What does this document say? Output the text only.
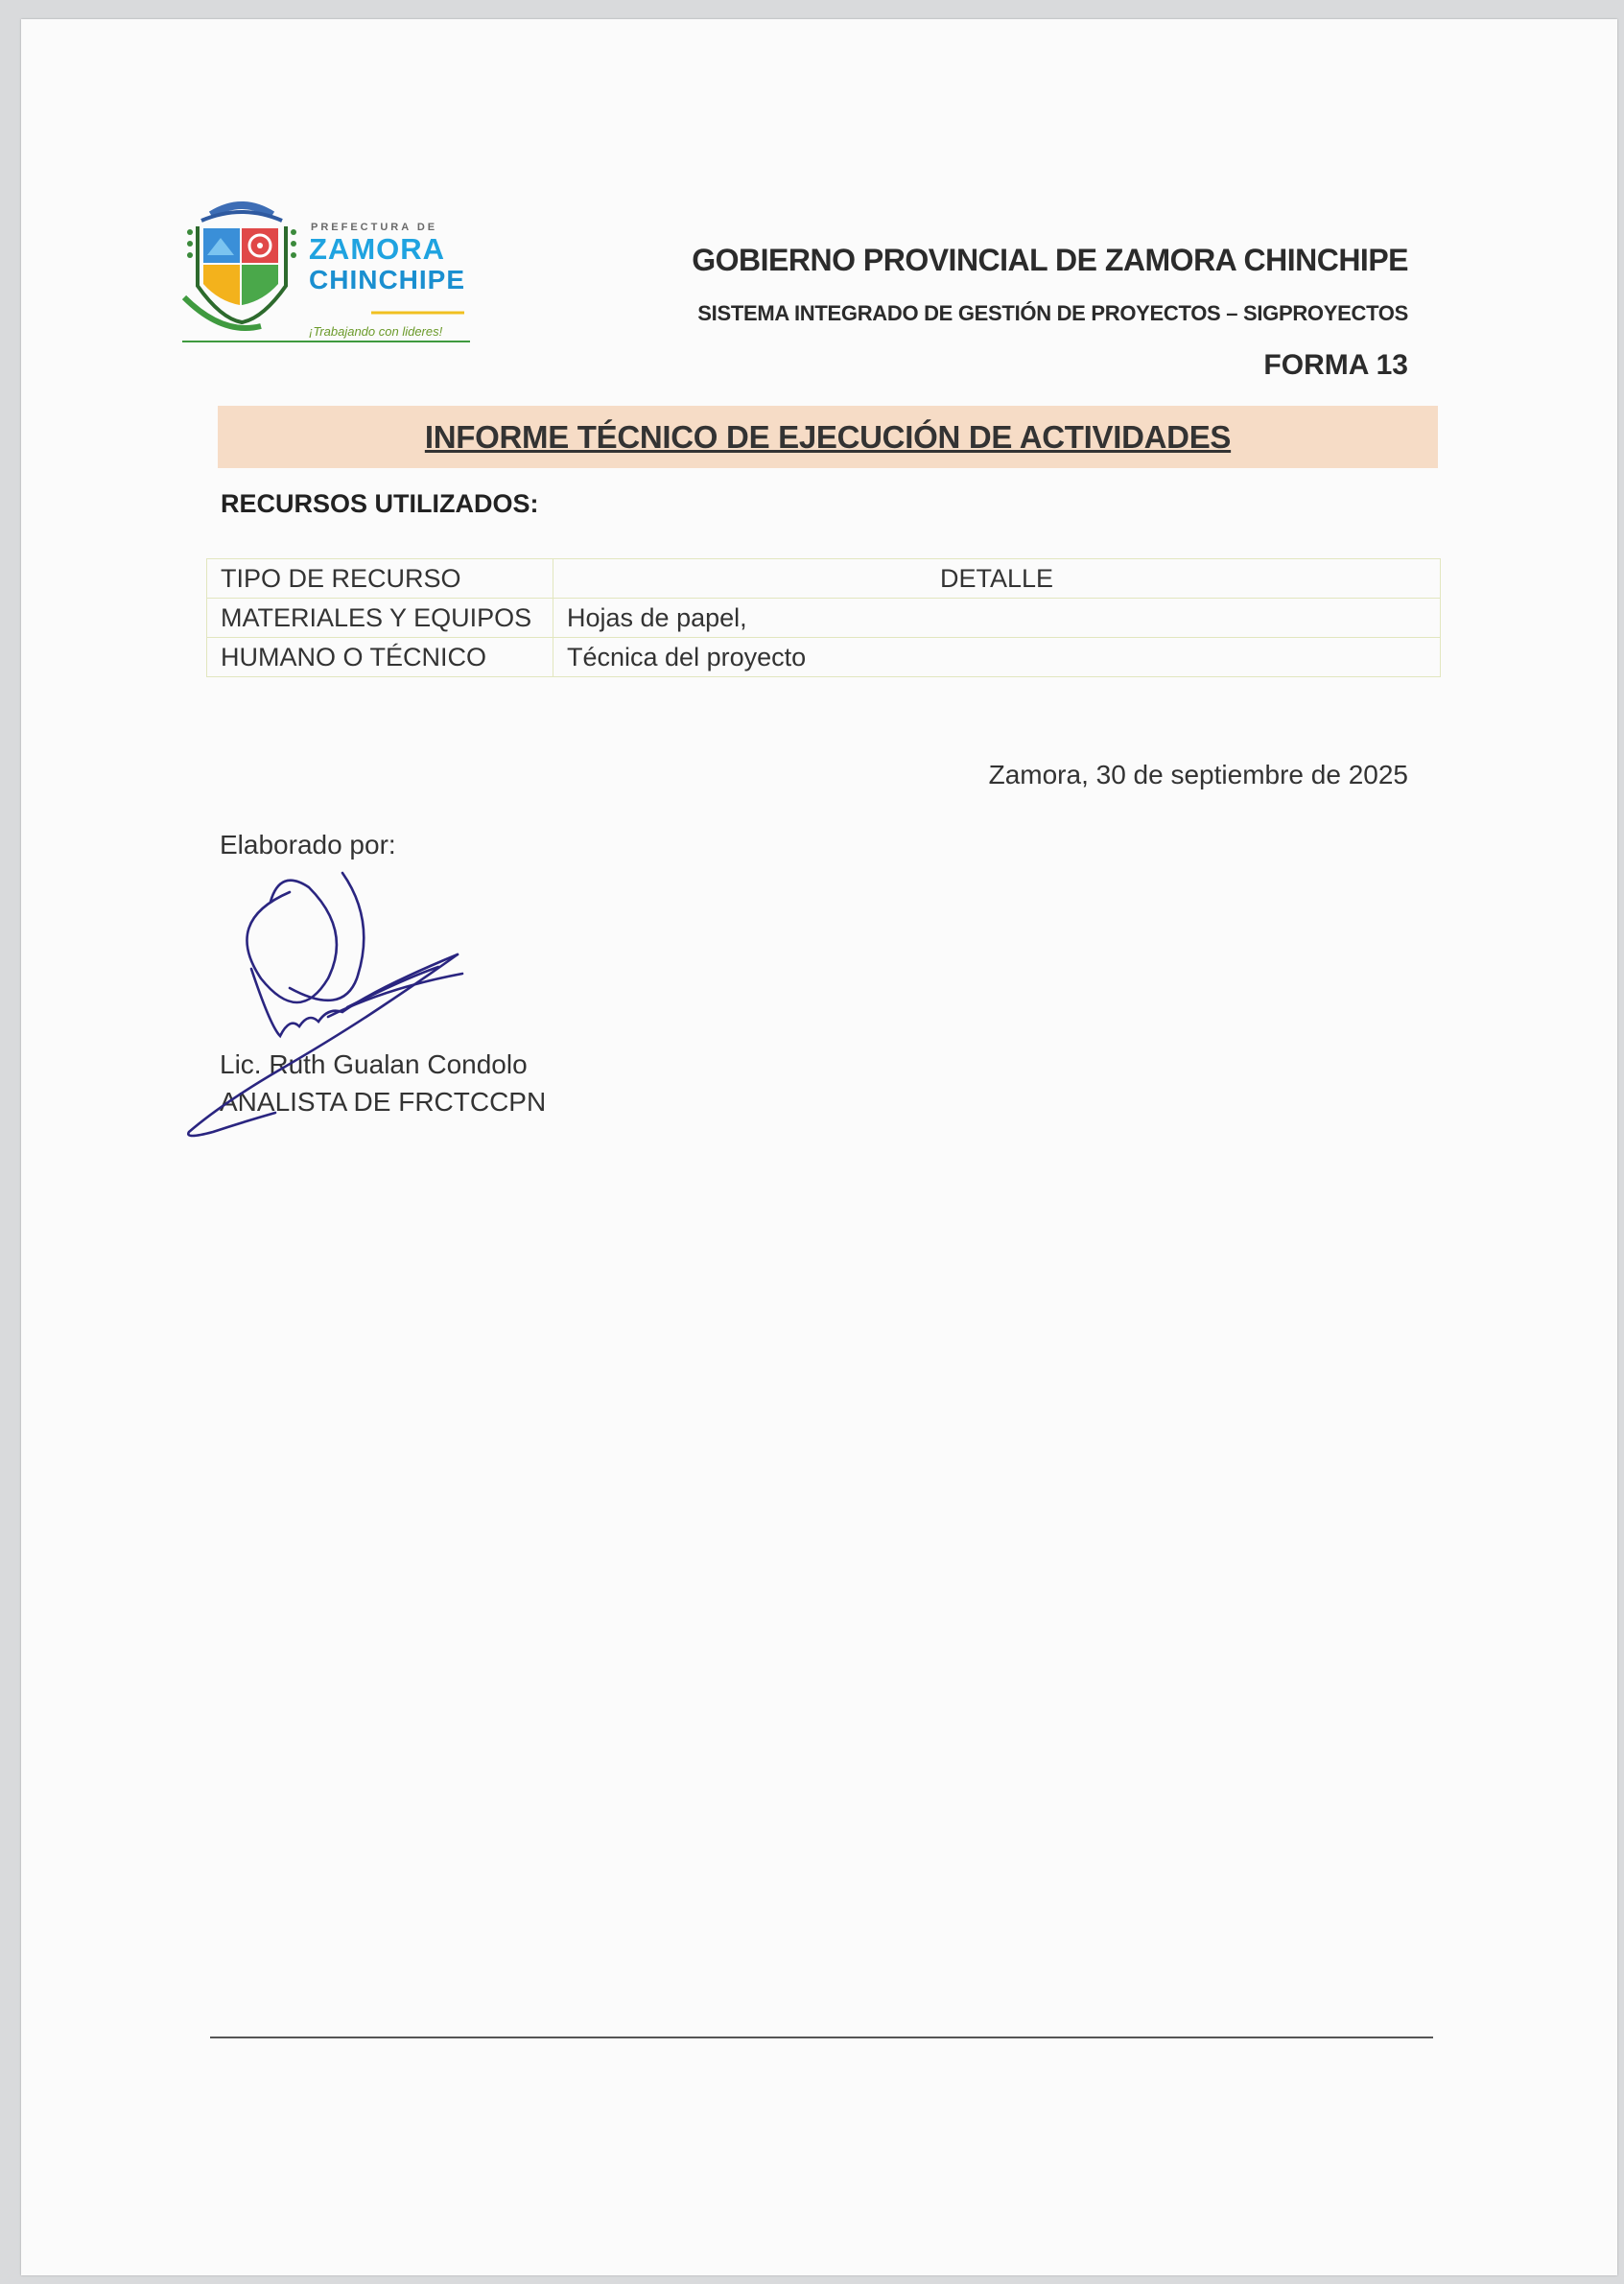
PREFECTURA DE
ZAMORA
CHINCHIPE
¡Trabajando con lideres!
GOBIERNO PROVINCIAL DE ZAMORA CHINCHIPE
SISTEMA INTEGRADO DE GESTIÓN DE PROYECTOS – SIGPROYECTOS
FORMA 13
INFORME TÉCNICO DE EJECUCIÓN DE ACTIVIDADES
RECURSOS UTILIZADOS:
TIPO DE RECURSO	DETALLE
MATERIALES Y EQUIPOS	Hojas de papel,
HUMANO O TÉCNICO	Técnica del proyecto
Zamora, 30 de septiembre de 2025
Elaborado por:
Lic. Ruth Gualan Condolo
ANALISTA DE FRCTCCPN
